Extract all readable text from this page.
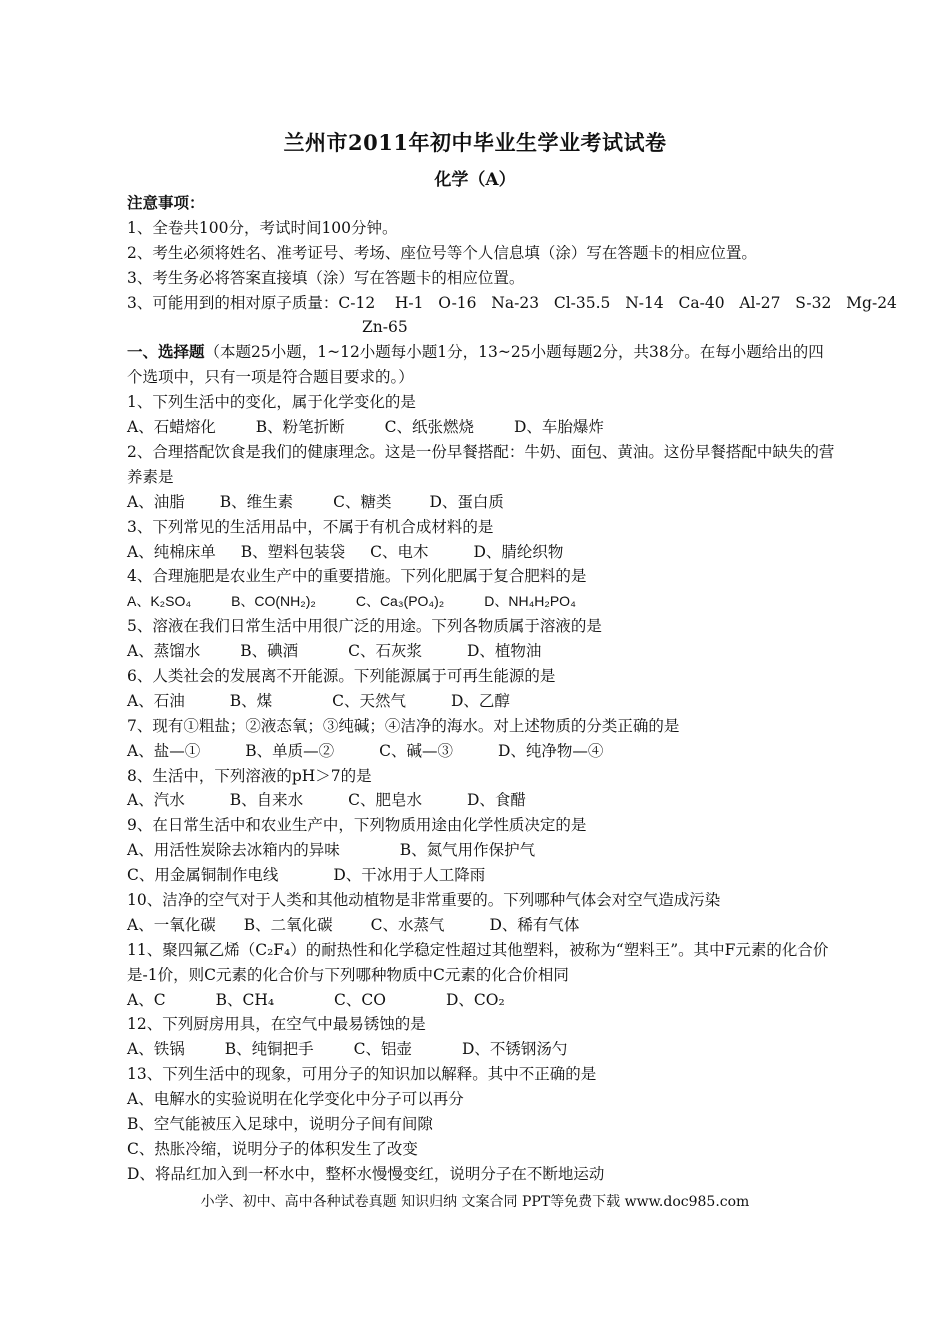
兰州市2011年初中毕业生学业考试试卷
化学（A）
注意事项：
1、全卷共100分，考试时间100分钟。
2、考生必须将姓名、准考证号、考场、座位号等个人信息填（涂）写在答题卡的相应位置。
3、考生务必将答案直接填（涂）写在答题卡的相应位置。
3、可能用到的相对原子质量：C-12    H-1   O-16   Na-23   Cl-35.5   N-14   Ca-40   Al-27   S-32   Mg-24
Zn-65
一、选择题（本题25小题，1~12小题每小题1分，13~25小题每题2分，共38分。在每小题给出的四个选项中，只有一项是符合题目要求的。）
1、下列生活中的变化，属于化学变化的是
A、石蜡熔化	B、粉笔折断	C、纸张燃烧	D、车胎爆炸
2、合理搭配饮食是我们的健康理念。这是一份早餐搭配：牛奶、面包、黄油。这份早餐搭配中缺失的营养素是
A、油脂 B、维生素	C、糖类 D、蛋白质
3、下列常见的生活用品中，不属于有机合成材料的是
A、纯棉床单 B、塑料包装袋 C、电木	D、腈纶织物
4、合理施肥是农业生产中的重要措施。下列化肥属于复合肥料的是
A、K₂SO₄	B、CO(NH₂)₂	C、Ca₃(PO₄)₂	D、NH₄H₂PO₄
5、溶液在我们日常生活中用很广泛的用途。下列各物质属于溶液的是
A、蒸馏水	B、碘酒	C、石灰浆	D、植物油
6、人类社会的发展离不开能源。下列能源属于可再生能源的是
A、石油	B、煤	C、天然气	D、乙醇
7、现有①粗盐；②液态氧；③纯碱；④洁净的海水。对上述物质的分类正确的是
A、盐—①	B、单质—②	C、碱—③	D、纯净物—④
8、生活中，下列溶液的pH＞7的是
A、汽水	B、自来水	C、肥皂水	D、食醋
9、在日常生活中和农业生产中，下列物质用途由化学性质决定的是
A、用活性炭除去冰箱内的异味	B、氮气用作保护气
C、用金属铜制作电线	D、干冰用于人工降雨
10、洁净的空气对于人类和其他动植物是非常重要的。下列哪种气体会对空气造成污染
A、一氧化碳 B、二氧化碳 C、水蒸气	D、稀有气体
11、聚四氟乙烯（C₂F₄）的耐热性和化学稳定性超过其他塑料，被称为“塑料王”。其中F元素的化合价是-1价，则C元素的化合价与下列哪种物质中C元素的化合价相同
A、C	B、CH₄	C、CO	D、CO₂
12、下列厨房用具，在空气中最易锈蚀的是
A、铁锅	B、纯铜把手	C、铝壶	D、不锈钢汤勺
13、下列生活中的现象，可用分子的知识加以解释。其中不正确的是
A、电解水的实验说明在化学变化中分子可以再分
B、空气能被压入足球中，说明分子间有间隙
C、热胀冷缩，说明分子的体积发生了改变
D、将品红加入到一杯水中，整杯水慢慢变红，说明分子在不断地运动
小学、初中、高中各种试卷真题 知识归纳 文案合同 PPT等免费下载 www.doc985.com
